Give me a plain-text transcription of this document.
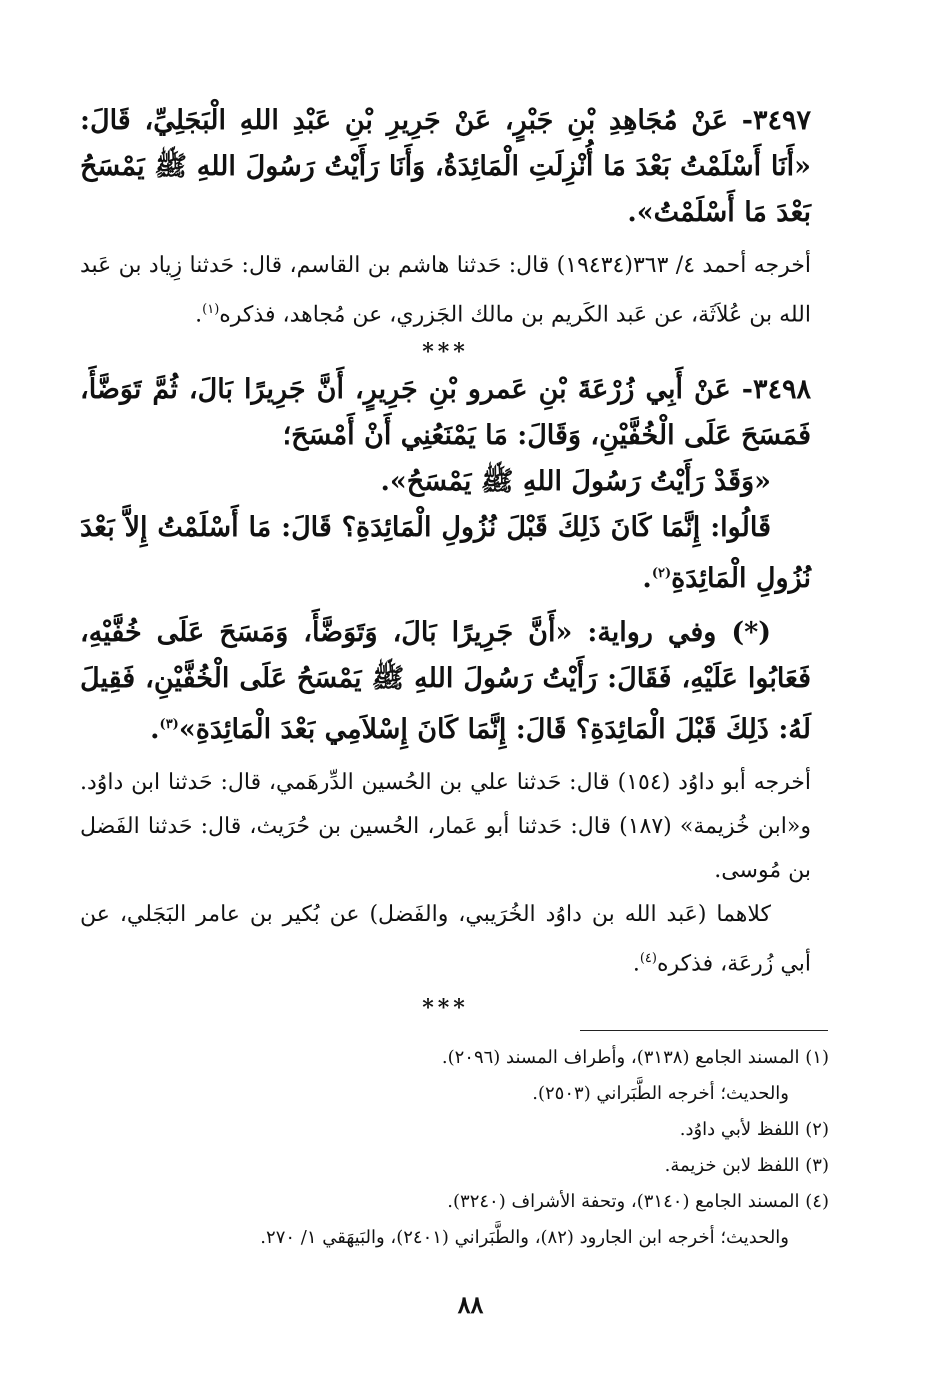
٣٤٩٧- عَنْ مُجَاهِدِ بْنِ جَبْرٍ، عَنْ جَرِيرِ بْنِ عَبْدِ اللهِ الْبَجَلِيِّ، قَالَ: «أَنَا أَسْلَمْتُ بَعْدَ مَا أُنْزِلَتِ الْمَائِدَةُ، وَأَنَا رَأَيْتُ رَسُولَ اللهِ ﷺ يَمْسَحُ بَعْدَ مَا أَسْلَمْتُ».

أخرجه أحمد ٤/ ٣٦٣(١٩٤٣٤) قال: حَدثنا هاشم بن القاسم، قال: حَدثنا زِياد بن عَبد الله بن عُلاَثَة، عن عَبد الكَريم بن مالك الجَزري، عن مُجاهد، فذكره$^{(١)}$.

***

٣٤٩٨- عَنْ أَبِي زُرْعَةَ بْنِ عَمرو بْنِ جَرِيرٍ، أَنَّ جَرِيرًا بَالَ، ثُمَّ تَوَضَّأَ، فَمَسَحَ عَلَى الْخُفَّيْنِ، وَقَالَ: مَا يَمْنَعُنِي أَنْ أَمْسَحَ؛

«وَقَدْ رَأَيْتُ رَسُولَ اللهِ ﷺ يَمْسَحُ».

قَالُوا: إِنَّمَا كَانَ ذَلِكَ قَبْلَ نُزُولِ الْمَائِدَةِ؟ قَالَ: مَا أَسْلَمْتُ إِلاَّ بَعْدَ نُزُولِ الْمَائِدَةِ$^{(٢)}$.

(*) وفي رواية: «أَنَّ جَرِيرًا بَالَ، وَتَوَضَّأَ، وَمَسَحَ عَلَى خُفَّيْهِ، فَعَابُوا عَلَيْهِ، فَقَالَ: رَأَيْتُ رَسُولَ اللهِ ﷺ يَمْسَحُ عَلَى الْخُفَّيْنِ، فَقِيلَ لَهُ: ذَلِكَ قَبْلَ الْمَائِدَةِ؟ قَالَ: إِنَّمَا كَانَ إِسْلاَمِي بَعْدَ الْمَائِدَةِ»$^{(٣)}$.

أخرجه أبو داوُد (١٥٤) قال: حَدثنا علي بن الحُسين الدِّرهَمي، قال: حَدثنا ابن داوُد. و«ابن خُزيمة» (١٨٧) قال: حَدثنا أبو عَمار، الحُسين بن حُرَيث، قال: حَدثنا الفَضل بن مُوسى.

كلاهما (عَبد الله بن داوُد الخُرَيبي، والفَضل) عن بُكير بن عامر البَجَلي، عن أبي زُرعَة، فذكره$^{(٤)}$.

***

(١) المسند الجامع (٣١٣٨)، وأطراف المسند (٢٠٩٦).

والحديث؛ أخرجه الطَّبَراني (٢٥٠٣).

(٢) اللفظ لأبي داوُد.

(٣) اللفظ لابن خزيمة.

(٤) المسند الجامع (٣١٤٠)، وتحفة الأشراف (٣٢٤٠).

والحديث؛ أخرجه ابن الجارود (٨٢)، والطَّبَراني (٢٤٠١)، والبَيهَقي ١/ ٢٧٠.

٨٨
